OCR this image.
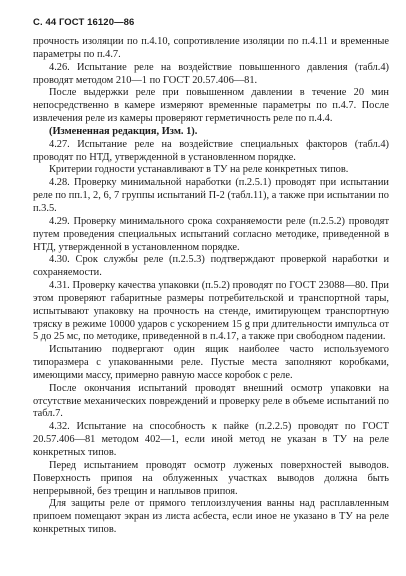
С. 44 ГОСТ 16120—86

прочность изоляции по п.4.10, сопротивление изоляции по п.4.11 и временные параметры по п.4.7.

4.26. Испытание реле на воздействие повышенного давления (табл.4) проводят методом 210—1 по ГОСТ 20.57.406—81.

После выдержки реле при повышенном давлении в течение 20 мин непосредственно в камере измеряют временные параметры по п.4.7. После извлечения реле из камеры проверяют герметичность реле по п.4.4.

(Измененная редакция, Изм. 1).

4.27. Испытание реле на воздействие специальных факторов (табл.4) проводят по НТД, утвержденной в установленном порядке.

Критерии годности устанавливают в ТУ на реле конкретных типов.

4.28. Проверку минимальной наработки (п.2.5.1) проводят при испытании реле по пп.1, 2, 6, 7 группы испытаний П-2 (табл.11), а также при испытании по п.3.5.

4.29. Проверку минимального срока сохраняемости реле (п.2.5.2) проводят путем проведения специальных испытаний согласно методике, приведенной в НТД, утвержденной в установленном порядке.

4.30. Срок службы реле (п.2.5.3) подтверждают проверкой наработки и сохраняемости.

4.31. Проверку качества упаковки (п.5.2) проводят по ГОСТ 23088—80. При этом проверяют габаритные размеры потребительской и транспортной тары, испытывают упаковку на прочность на стенде, имитирующем транспортную тряску в режиме 10000 ударов с ускорением 15 g при длительности импульса от 5 до 25 мс, по методике, приведенной в п.4.17, а также при свободном падении.

Испытанию подвергают один ящик наиболее часто используемого типоразмера с упакованными реле. Пустые места заполняют коробками, имеющими массу, примерно равную массе коробок с реле.

После окончания испытаний проводят внешний осмотр упаковки на отсутствие механических повреждений и проверку реле в объеме испытаний по табл.7.

4.32. Испытание на способность к пайке (п.2.2.5) проводят по ГОСТ 20.57.406—81 методом 402—1, если иной метод не указан в ТУ на реле конкретных типов.

Перед испытанием проводят осмотр луженых поверхностей выводов. Поверхность припоя на облуженных участках выводов должна быть непрерывной, без трещин и наплывов припоя.

Для защиты реле от прямого теплоизлучения ванны над расплавленным припоем помещают экран из листа асбеста, если иное не указано в ТУ на реле конкретных типов.
